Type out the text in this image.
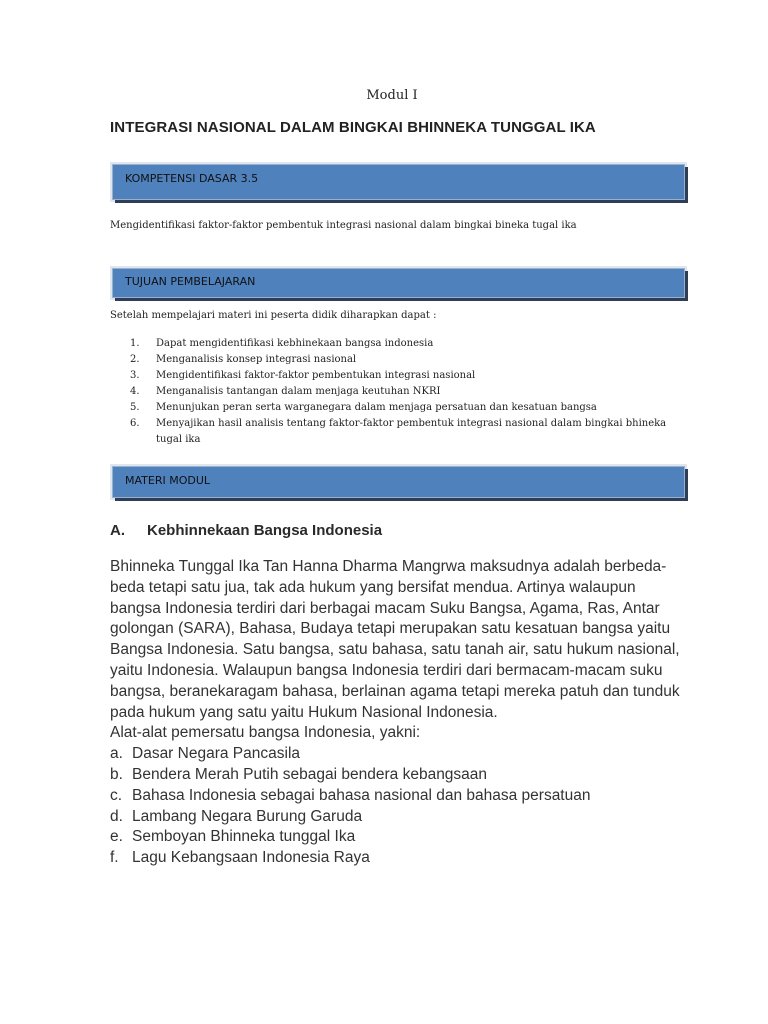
Modul I
INTEGRASI NASIONAL DALAM BINGKAI BHINNEKA TUNGGAL IKA
KOMPETENSI DASAR 3.5
Mengidentifikasi faktor-faktor pembentuk integrasi nasional dalam bingkai bineka tugal ika
TUJUAN PEMBELAJARAN
Setelah mempelajari materi ini peserta didik diharapkan dapat :
1.	Dapat mengidentifikasi kebhinekaan bangsa indonesia
2.	Menganalisis konsep integrasi nasional
3.	Mengidentifikasi faktor-faktor pembentukan integrasi nasional
4.	Menganalisis tantangan dalam menjaga keutuhan NKRI
5.	Menunjukan peran serta warganegara dalam menjaga persatuan dan kesatuan bangsa
6.	Menyajikan hasil analisis tentang faktor-faktor pembentuk integrasi nasional dalam bingkai bhineka tugal ika
MATERI MODUL
A.	Kebhinnekaan Bangsa Indonesia

Bhinneka Tunggal Ika Tan Hanna Dharma Mangrwa maksudnya adalah berbeda-beda tetapi satu jua, tak ada hukum yang bersifat mendua. Artinya walaupun bangsa Indonesia terdiri dari berbagai macam Suku Bangsa, Agama, Ras, Antar golongan (SARA), Bahasa, Budaya tetapi merupakan satu kesatuan bangsa yaitu Bangsa Indonesia. Satu bangsa, satu bahasa, satu tanah air, satu hukum nasional, yaitu Indonesia. Walaupun bangsa Indonesia terdiri dari bermacam-macam suku bangsa, beranekaragam bahasa, berlainan agama tetapi mereka patuh dan tunduk pada hukum yang satu yaitu Hukum Nasional Indonesia.

Alat-alat pemersatu bangsa Indonesia, yakni:

a. Dasar Negara Pancasila
b. Bendera Merah Putih sebagai bendera kebangsaan
c. Bahasa Indonesia sebagai bahasa nasional dan bahasa persatuan
d. Lambang Negara Burung Garuda
e. Semboyan Bhinneka tunggal Ika
f. Lagu Kebangsaan Indonesia Raya
